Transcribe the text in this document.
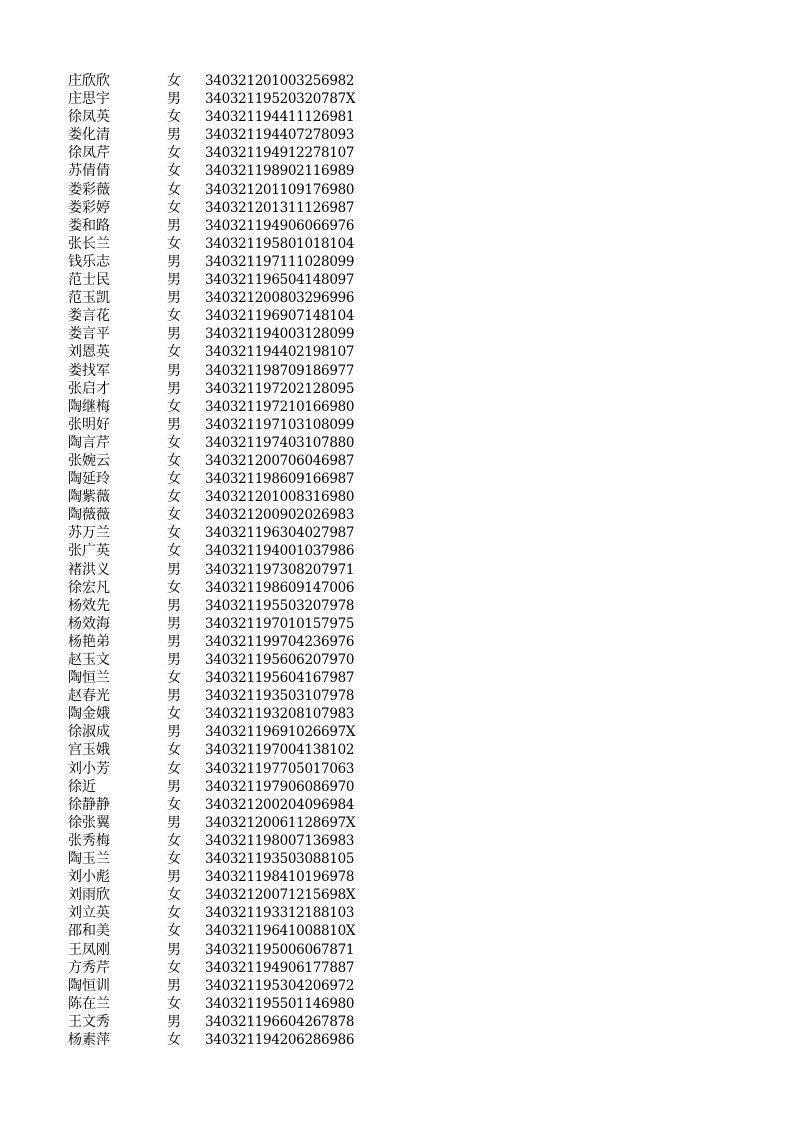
庄欣欣	女 340321201003256982
庄思宇	男 34032119520320787X
徐凤英	女 340321194411126981
娄化清	男 340321194407278093
徐凤芹	女 340321194912278107
苏倩倩	女 340321198902116989
娄彩薇	女 340321201109176980
娄彩婷	女 340321201311126987
娄和路	男 340321194906066976
张长兰	女 340321195801018104
钱乐志	男 340321197111028099
范士民	男 340321196504148097
范玉凯	男 340321200803296996
娄言花	女 340321196907148104
娄言平	男 340321194003128099
刘恩英	女 340321194402198107
娄找军	男 340321198709186977
张启才	男 340321197202128095
陶继梅	女 340321197210166980
张明好	男 340321197103108099
陶言芹	女 340321197403107880
张婉云	女 340321200706046987
陶延玲	女 340321198609166987
陶紫薇	女 340321201008316980
陶薇薇	女 340321200902026983
苏万兰	女 340321196304027987
张广英	女 340321194001037986
褚洪义	男 340321197308207971
徐宏凡	女 340321198609147006
杨效先	男 340321195503207978
杨效海	男 340321197010157975
杨艳弟	男 340321199704236976
赵玉文	男 340321195606207970
陶恒兰	女 340321195604167987
赵春光	男 340321193503107978
陶金娥	女 340321193208107983
徐淑成	男 34032119691026697X
宫玉娥	女 340321197004138102
刘小芳	女 340321197705017063
徐近	男 340321197906086970
徐静静	女 340321200204096984
徐张翼	男 34032120061128697X
张秀梅	女 340321198007136983
陶玉兰	女 340321193503088105
刘小彪	男 340321198410196978
刘雨欣	女 34032120071215698X
刘立英	女 340321193312188103
邵和美	女 34032119641008810X
王凤刚	男 340321195006067871
方秀芹	女 340321194906177887
陶恒训	男 340321195304206972
陈在兰	女 340321195501146980
王文秀	男 340321196604267878
杨素萍	女 340321194206286986
